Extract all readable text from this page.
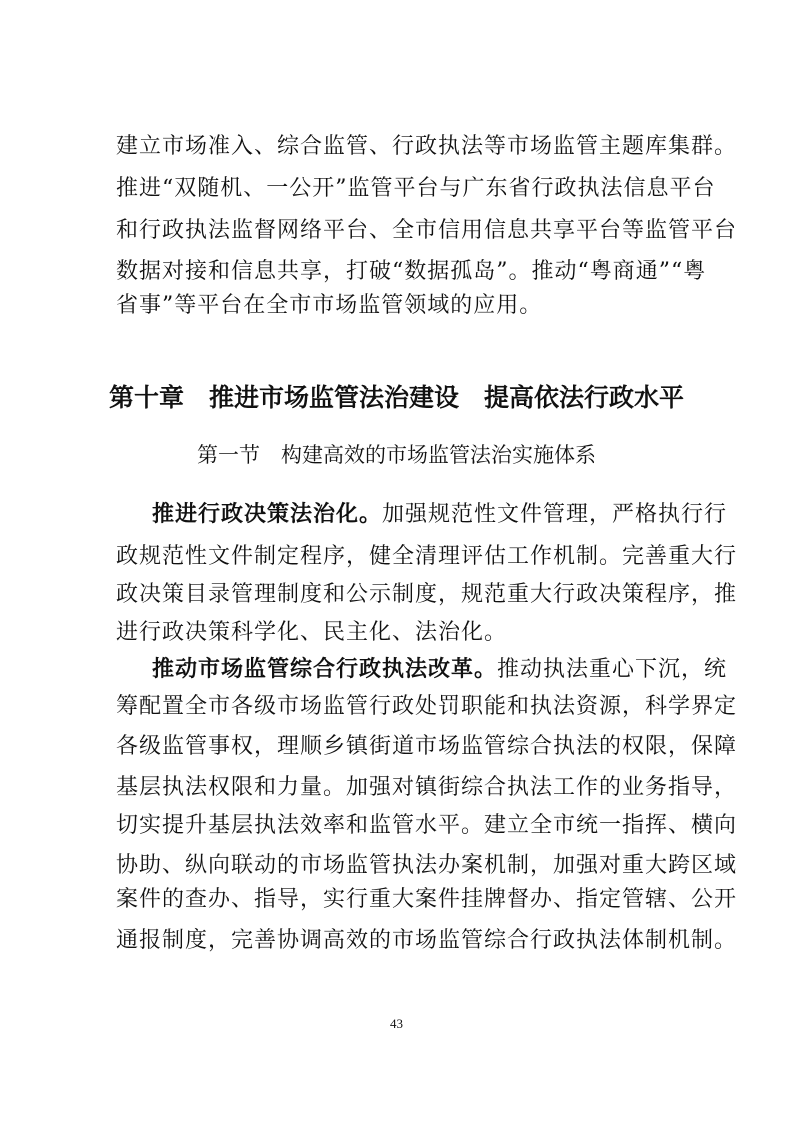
建立市场准入、综合监管、行政执法等市场监管主题库集群。
推进“双随机、一公开”监管平台与广东省行政执法信息平台
和行政执法监督网络平台、全市信用信息共享平台等监管平台
数据对接和信息共享，打破“数据孤岛”。推动“粤商通”“粤
省事”等平台在全市市场监管领域的应用。
第十章　推进市场监管法治建设　提高依法行政水平
第一节　构建高效的市场监管法治实施体系
推进行政决策法治化。加强规范性文件管理，严格执行行
政规范性文件制定程序，健全清理评估工作机制。完善重大行
政决策目录管理制度和公示制度，规范重大行政决策程序，推
进行政决策科学化、民主化、法治化。
推动市场监管综合行政执法改革。推动执法重心下沉，统
筹配置全市各级市场监管行政处罚职能和执法资源，科学界定
各级监管事权，理顺乡镇街道市场监管综合执法的权限，保障
基层执法权限和力量。加强对镇街综合执法工作的业务指导，
切实提升基层执法效率和监管水平。建立全市统一指挥、横向
协助、纵向联动的市场监管执法办案机制，加强对重大跨区域
案件的查办、指导，实行重大案件挂牌督办、指定管辖、公开
通报制度，完善协调高效的市场监管综合行政执法体制机制。
43
